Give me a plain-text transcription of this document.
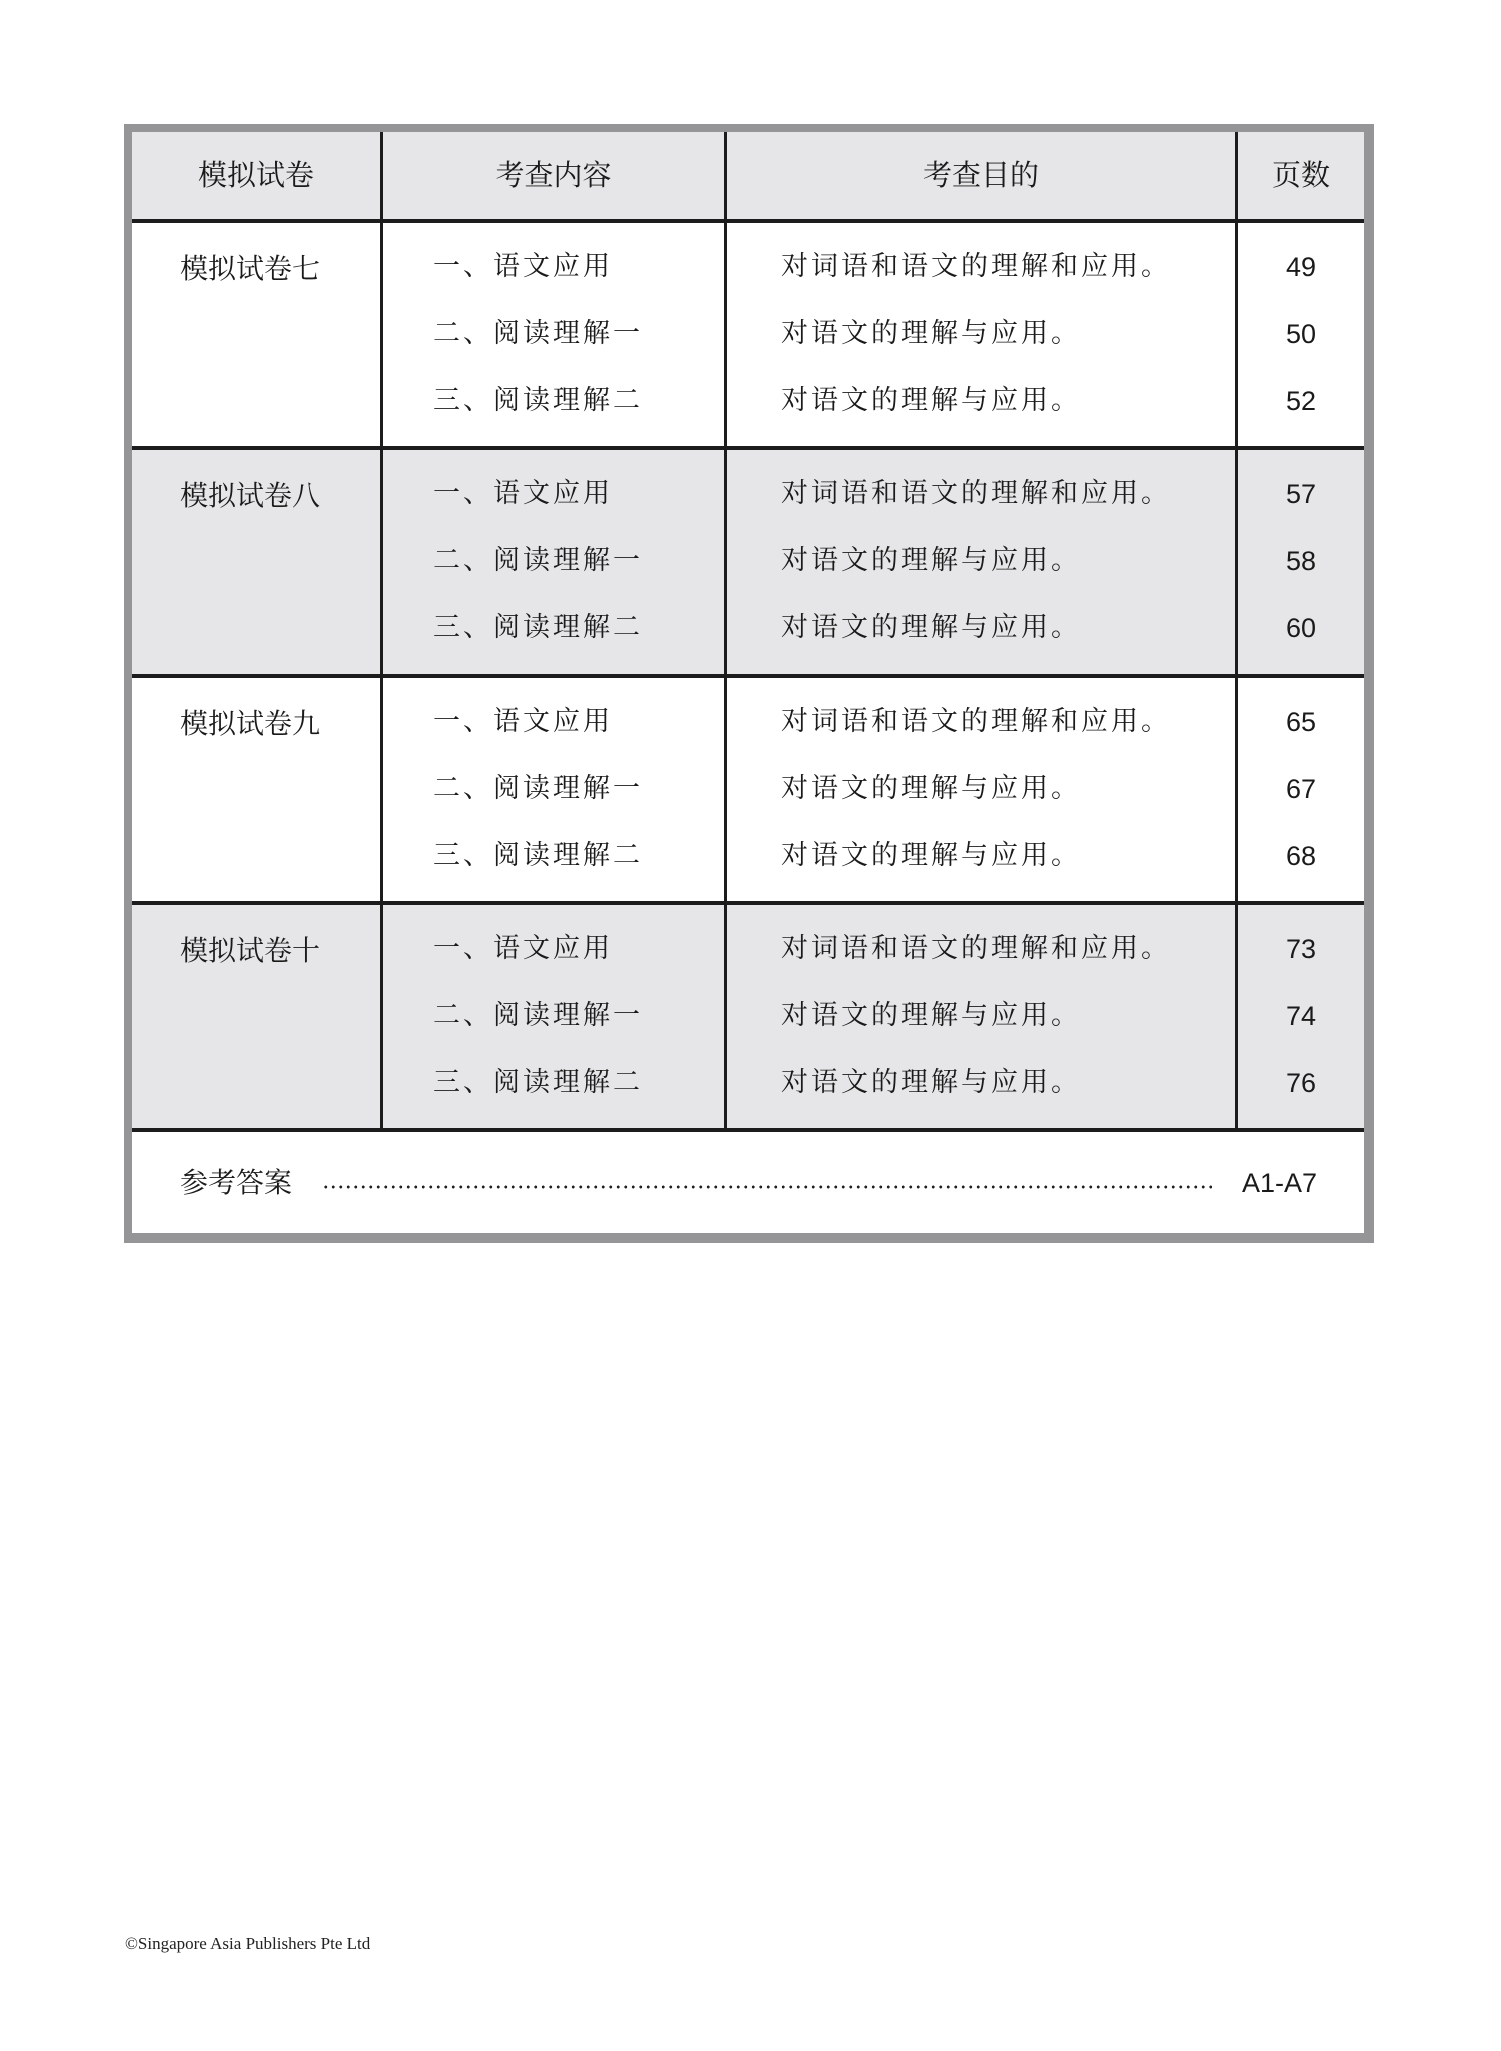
模拟试卷	考查内容	考查目的	页数
模拟试卷七	一、语文应用	对词语和语文的理解和应用。	49
二、阅读理解一	对语文的理解与应用。	50
三、阅读理解二	对语文的理解与应用。	52
模拟试卷八	一、语文应用	对词语和语文的理解和应用。	57
二、阅读理解一	对语文的理解与应用。	58
三、阅读理解二	对语文的理解与应用。	60
模拟试卷九	一、语文应用	对词语和语文的理解和应用。	65
二、阅读理解一	对语文的理解与应用。	67
三、阅读理解二	对语文的理解与应用。	68
模拟试卷十	一、语文应用	对词语和语文的理解和应用。	73
二、阅读理解一	对语文的理解与应用。	74
三、阅读理解二	对语文的理解与应用。	76
参考答案	A1-A7
©Singapore Asia Publishers Pte Ltd
